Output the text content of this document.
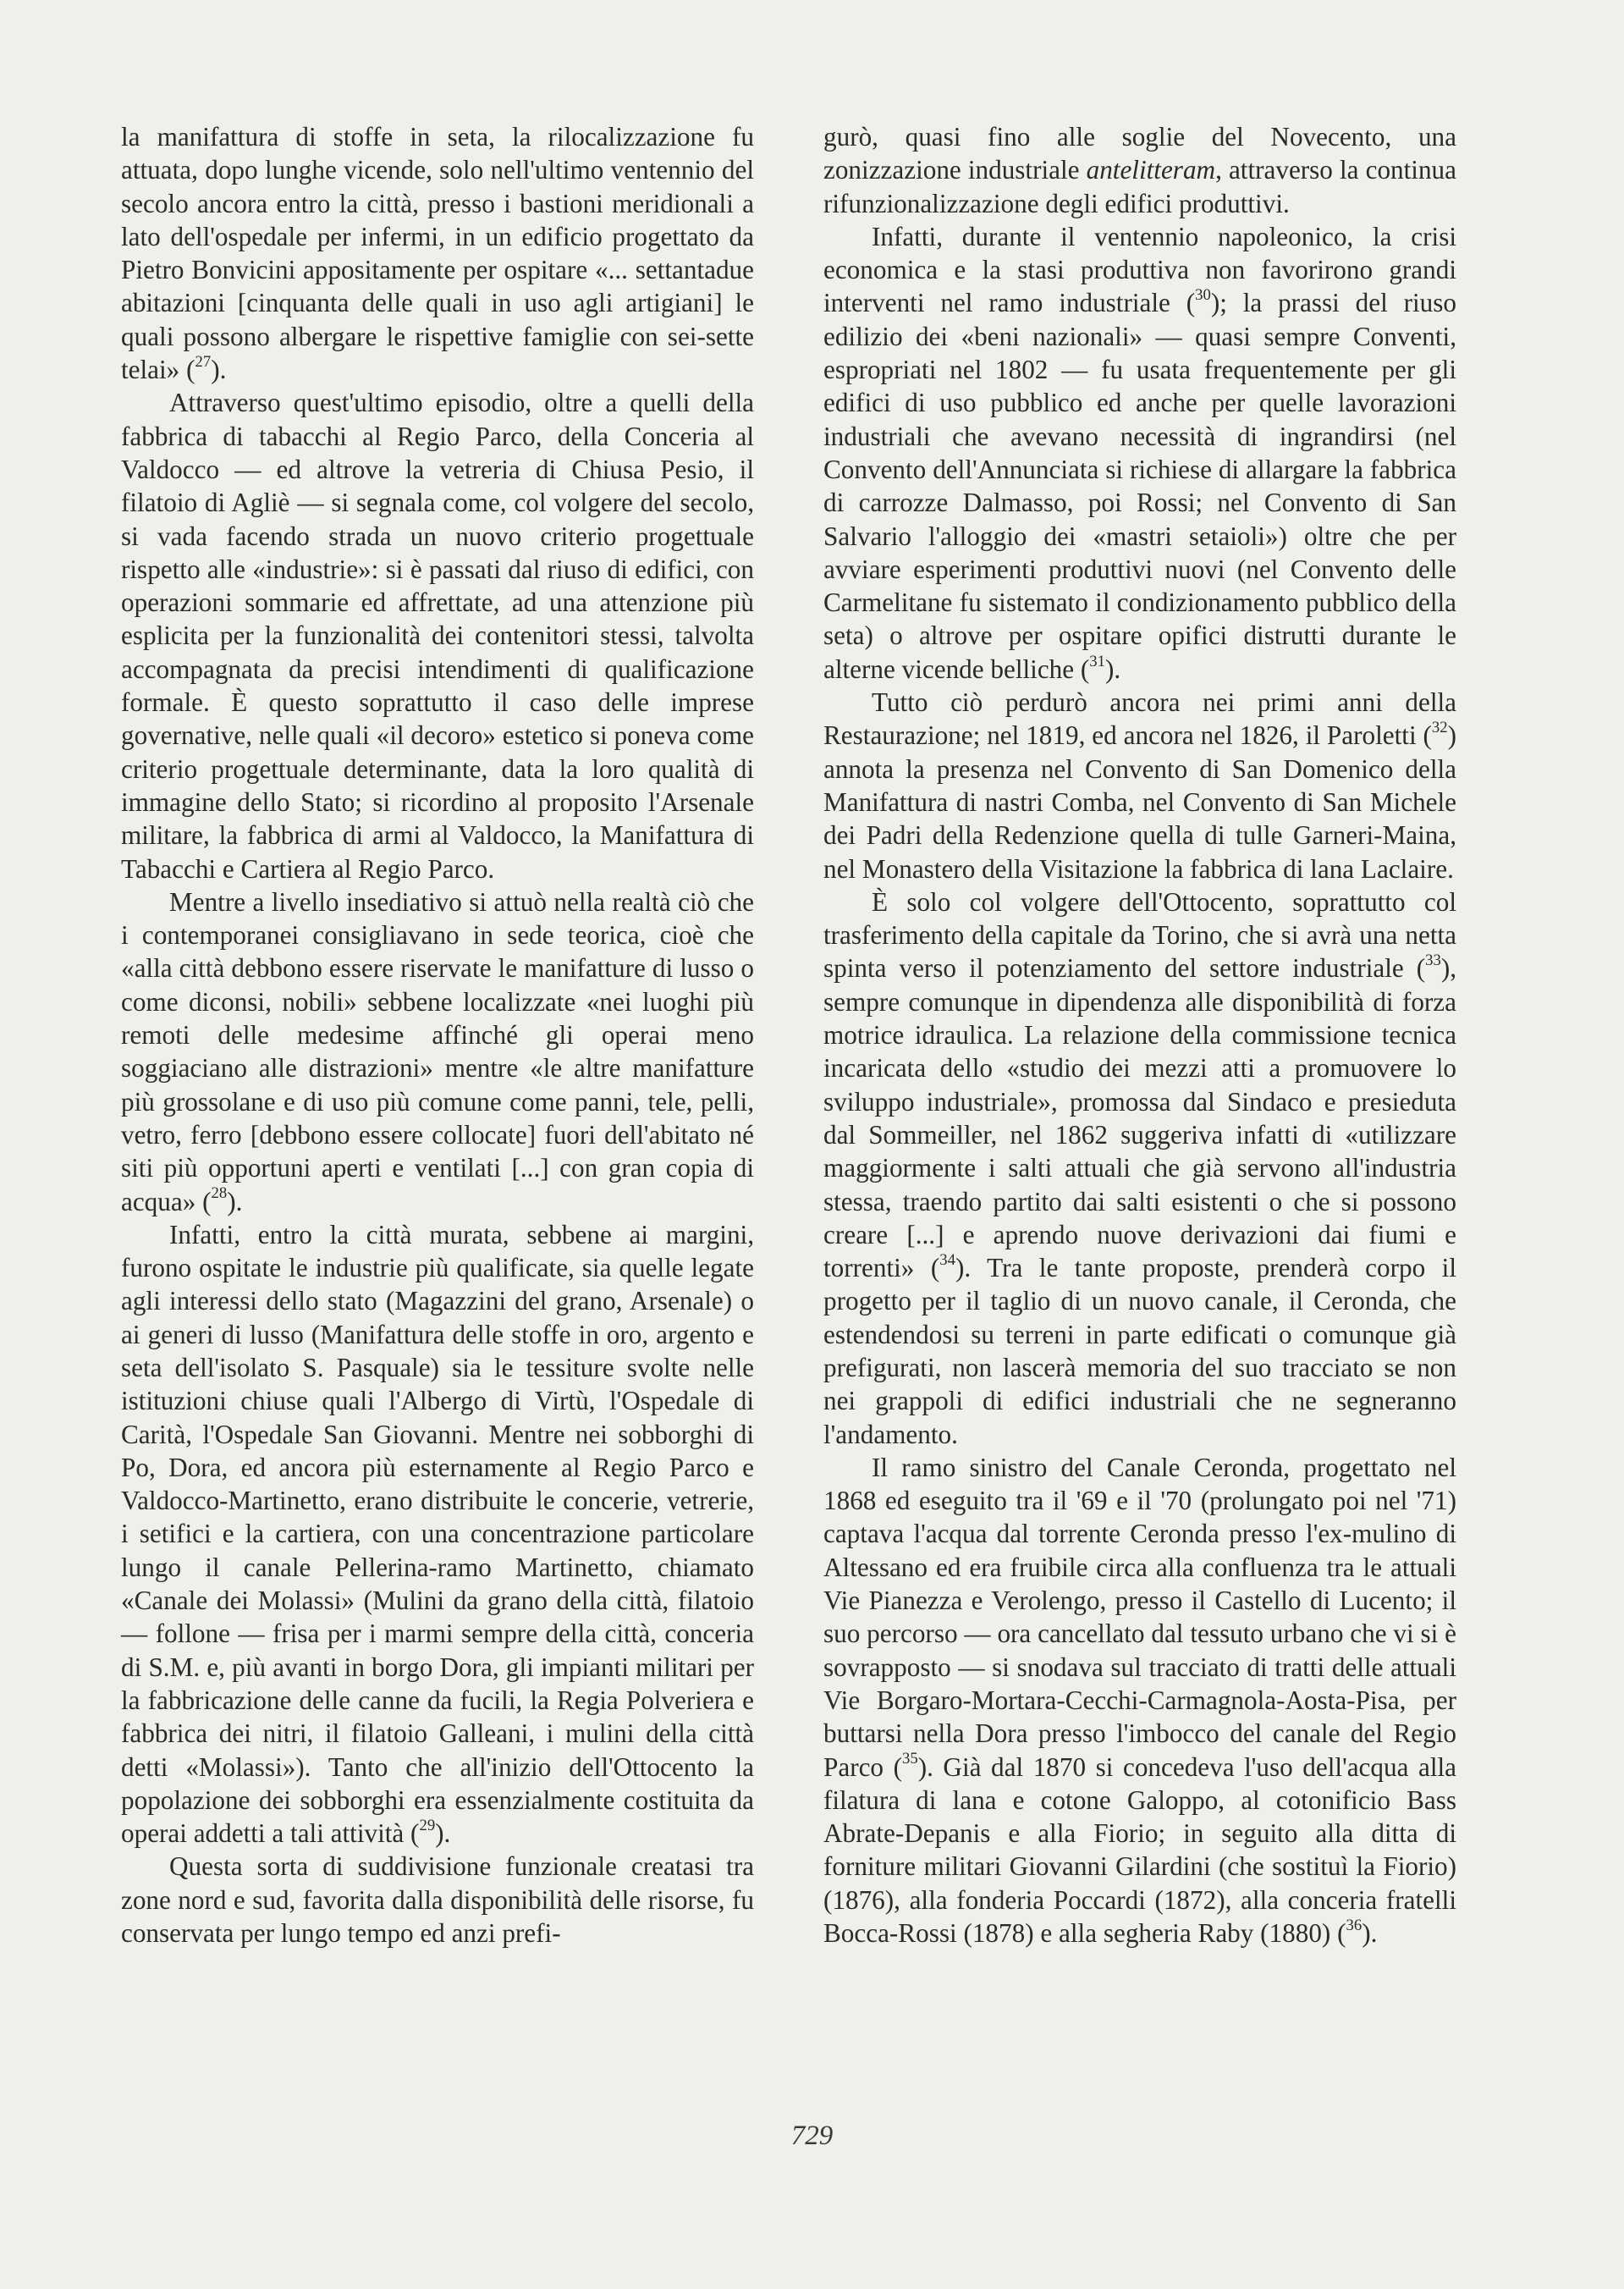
la manifattura di stoffe in seta, la rilocalizzazione fu attuata, dopo lunghe vicende, solo nell'ultimo ventennio del secolo ancora entro la città, presso i bastioni meridionali a lato dell'ospedale per infermi, in un edificio progettato da Pietro Bonvicini appositamente per ospitare «... settantadue abitazioni [cinquanta delle quali in uso agli artigiani] le quali possono albergare le rispettive famiglie con sei-sette telai» ($^{27}$).

Attraverso quest'ultimo episodio, oltre a quelli della fabbrica di tabacchi al Regio Parco, della Conceria al Valdocco — ed altrove la vetreria di Chiusa Pesio, il filatoio di Agliè — si segnala come, col volgere del secolo, si vada facendo strada un nuovo criterio progettuale rispetto alle «industrie»: si è passati dal riuso di edifici, con operazioni sommarie ed affrettate, ad una attenzione più esplicita per la funzionalità dei contenitori stessi, talvolta accompagnata da precisi intendimenti di qualificazione formale. È questo soprattutto il caso delle imprese governative, nelle quali «il decoro» estetico si poneva come criterio progettuale determinante, data la loro qualità di immagine dello Stato; si ricordino al proposito l'Arsenale militare, la fabbrica di armi al Valdocco, la Manifattura di Tabacchi e Cartiera al Regio Parco.

Mentre a livello insediativo si attuò nella realtà ciò che i contemporanei consigliavano in sede teorica, cioè che «alla città debbono essere riservate le manifatture di lusso o come diconsi, nobili» sebbene localizzate «nei luoghi più remoti delle medesime affinché gli operai meno soggiaciano alle distrazioni» mentre «le altre manifatture più grossolane e di uso più comune come panni, tele, pelli, vetro, ferro [debbono essere collocate] fuori dell'abitato né siti più opportuni aperti e ventilati [...] con gran copia di acqua» ($^{28}$).

Infatti, entro la città murata, sebbene ai margini, furono ospitate le industrie più qualificate, sia quelle legate agli interessi dello stato (Magazzini del grano, Arsenale) o ai generi di lusso (Manifattura delle stoffe in oro, argento e seta dell'isolato S. Pasquale) sia le tessiture svolte nelle istituzioni chiuse quali l'Albergo di Virtù, l'Ospedale di Carità, l'Ospedale San Giovanni. Mentre nei sobborghi di Po, Dora, ed ancora più esternamente al Regio Parco e Valdocco-Martinetto, erano distribuite le concerie, vetrerie, i setifici e la cartiera, con una concentrazione particolare lungo il canale Pellerina-ramo Martinetto, chiamato «Canale dei Molassi» (Mulini da grano della città, filatoio — follone — frisa per i marmi sempre della città, conceria di S.M. e, più avanti in borgo Dora, gli impianti militari per la fabbricazione delle canne da fucili, la Regia Polveriera e fabbrica dei nitri, il filatoio Galleani, i mulini della città detti «Molassi»). Tanto che all'inizio dell'Ottocento la popolazione dei sobborghi era essenzialmente costituita da operai addetti a tali attività ($^{29}$).

Questa sorta di suddivisione funzionale creatasi tra zone nord e sud, favorita dalla disponibilità delle risorse, fu conservata per lungo tempo ed anzi prefi-

gurò, quasi fino alle soglie del Novecento, una zonizzazione industriale antelitteram, attraverso la continua rifunzionalizzazione degli edifici produttivi.

Infatti, durante il ventennio napoleonico, la crisi economica e la stasi produttiva non favorirono grandi interventi nel ramo industriale ($^{30}$); la prassi del riuso edilizio dei «beni nazionali» — quasi sempre Conventi, espropriati nel 1802 — fu usata frequentemente per gli edifici di uso pubblico ed anche per quelle lavorazioni industriali che avevano necessità di ingrandirsi (nel Convento dell'Annunciata si richiese di allargare la fabbrica di carrozze Dalmasso, poi Rossi; nel Convento di San Salvario l'alloggio dei «mastri setaioli») oltre che per avviare esperimenti produttivi nuovi (nel Convento delle Carmelitane fu sistemato il condizionamento pubblico della seta) o altrove per ospitare opifici distrutti durante le alterne vicende belliche ($^{31}$).

Tutto ciò perdurò ancora nei primi anni della Restaurazione; nel 1819, ed ancora nel 1826, il Paroletti ($^{32}$) annota la presenza nel Convento di San Domenico della Manifattura di nastri Comba, nel Convento di San Michele dei Padri della Redenzione quella di tulle Garneri-Maina, nel Monastero della Visitazione la fabbrica di lana Laclaire.

È solo col volgere dell'Ottocento, soprattutto col trasferimento della capitale da Torino, che si avrà una netta spinta verso il potenziamento del settore industriale ($^{33}$), sempre comunque in dipendenza alle disponibilità di forza motrice idraulica. La relazione della commissione tecnica incaricata dello «studio dei mezzi atti a promuovere lo sviluppo industriale», promossa dal Sindaco e presieduta dal Sommeiller, nel 1862 suggeriva infatti di «utilizzare maggiormente i salti attuali che già servono all'industria stessa, traendo partito dai salti esistenti o che si possono creare [...] e aprendo nuove derivazioni dai fiumi e torrenti» ($^{34}$). Tra le tante proposte, prenderà corpo il progetto per il taglio di un nuovo canale, il Ceronda, che estendendosi su terreni in parte edificati o comunque già prefigurati, non lascerà memoria del suo tracciato se non nei grappoli di edifici industriali che ne segneranno l'andamento.

Il ramo sinistro del Canale Ceronda, progettato nel 1868 ed eseguito tra il '69 e il '70 (prolungato poi nel '71) captava l'acqua dal torrente Ceronda presso l'ex-mulino di Altessano ed era fruibile circa alla confluenza tra le attuali Vie Pianezza e Verolengo, presso il Castello di Lucento; il suo percorso — ora cancellato dal tessuto urbano che vi si è sovrapposto — si snodava sul tracciato di tratti delle attuali Vie Borgaro-Mortara-Cecchi-Carmagnola-Aosta-Pisa, per buttarsi nella Dora presso l'imbocco del canale del Regio Parco ($^{35}$). Già dal 1870 si concedeva l'uso dell'acqua alla filatura di lana e cotone Galoppo, al cotonificio Bass Abrate-Depanis e alla Fiorio; in seguito alla ditta di forniture militari Giovanni Gilardini (che sostituì la Fiorio) (1876), alla fonderia Poccardi (1872), alla conceria fratelli Bocca-Rossi (1878) e alla segheria Raby (1880) ($^{36}$).

729
